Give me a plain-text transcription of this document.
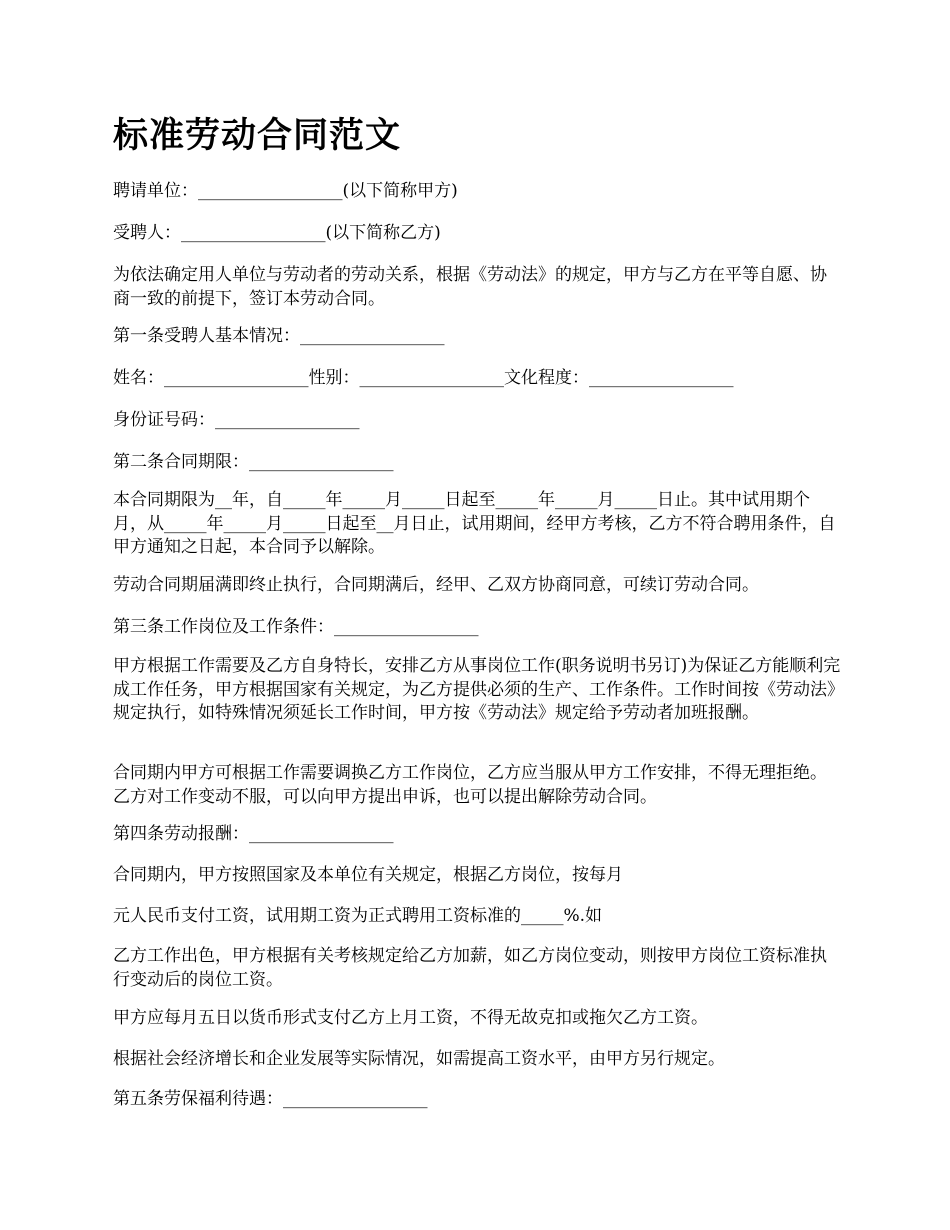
标准劳动合同范文

聘请单位：_________________(以下简称甲方)

受聘人：_________________(以下简称乙方)

为依法确定用人单位与劳动者的劳动关系，根据《劳动法》的规定，甲方与乙方在平等自愿、协商一致的前提下，签订本劳动合同。

第一条受聘人基本情况：_________________

姓名：_________________性别：_________________文化程度：_________________

身份证号码：_________________

第二条合同期限：_________________

本合同期限为__年，自_____年_____月_____日起至_____年_____月_____日止。其中试用期个月，从_____年_____月_____日起至__月日止，试用期间，经甲方考核，乙方不符合聘用条件，自甲方通知之日起，本合同予以解除。

劳动合同期届满即终止执行，合同期满后，经甲、乙双方协商同意，可续订劳动合同。

第三条工作岗位及工作条件：_________________

甲方根据工作需要及乙方自身特长，安排乙方从事岗位工作(职务说明书另订)为保证乙方能顺利完成工作任务，甲方根据国家有关规定，为乙方提供必须的生产、工作条件。工作时间按《劳动法》规定执行，如特殊情况须延长工作时间，甲方按《劳动法》规定给予劳动者加班报酬。

合同期内甲方可根据工作需要调换乙方工作岗位，乙方应当服从甲方工作安排，不得无理拒绝。乙方对工作变动不服，可以向甲方提出申诉，也可以提出解除劳动合同。

第四条劳动报酬：_________________

合同期内，甲方按照国家及本单位有关规定，根据乙方岗位，按每月

元人民币支付工资，试用期工资为正式聘用工资标准的_____%.如

乙方工作出色，甲方根据有关考核规定给乙方加薪，如乙方岗位变动，则按甲方岗位工资标准执行变动后的岗位工资。

甲方应每月五日以货币形式支付乙方上月工资，不得无故克扣或拖欠乙方工资。

根据社会经济增长和企业发展等实际情况，如需提高工资水平，由甲方另行规定。

第五条劳保福利待遇：_________________
